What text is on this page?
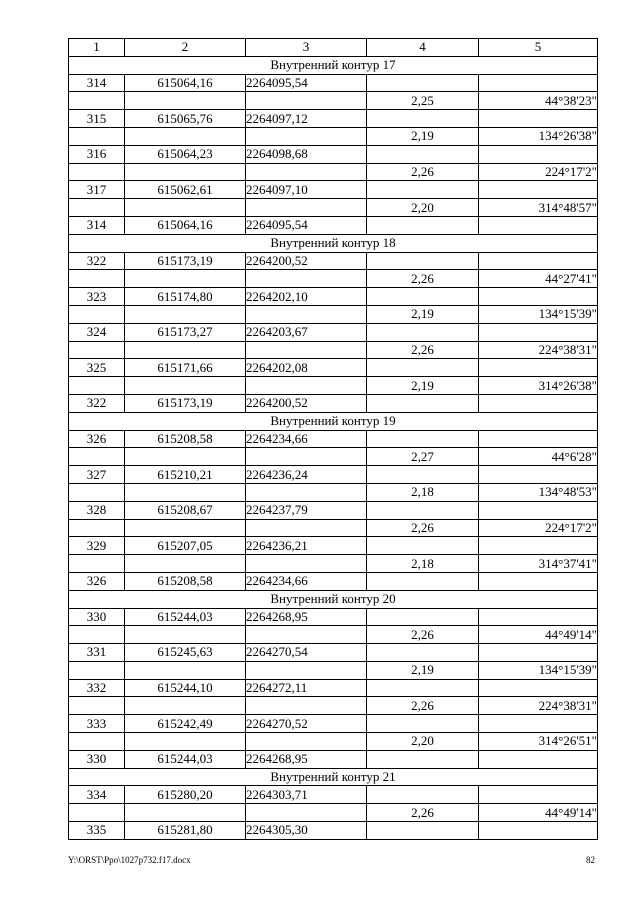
1	2	3	4	5
Внутренний контур 17				
314	615064,16	2264095,54		
			2,25	44°38'23"
315	615065,76	2264097,12		
			2,19	134°26'38"
316	615064,23	2264098,68		
			2,26	224°17'2"
317	615062,61	2264097,10		
			2,20	314°48'57"
314	615064,16	2264095,54		
Внутренний контур 18				
322	615173,19	2264200,52		
			2,26	44°27'41"
323	615174,80	2264202,10		
			2,19	134°15'39"
324	615173,27	2264203,67		
			2,26	224°38'31"
325	615171,66	2264202,08		
			2,19	314°26'38"
322	615173,19	2264200,52		
Внутренний контур 19				
326	615208,58	2264234,66		
			2,27	44°6'28"
327	615210,21	2264236,24		
			2,18	134°48'53"
328	615208,67	2264237,79		
			2,26	224°17'2"
329	615207,05	2264236,21		
			2,18	314°37'41"
326	615208,58	2264234,66		
Внутренний контур 20				
330	615244,03	2264268,95		
			2,26	44°49'14"
331	615245,63	2264270,54		
			2,19	134°15'39"
332	615244,10	2264272,11		
			2,26	224°38'31"
333	615242,49	2264270,52		
			2,20	314°26'51"
330	615244,03	2264268,95		
Внутренний контур 21				
334	615280,20	2264303,71		
			2,26	44°49'14"
335	615281,80	2264305,30		
Y:\ORST\Ppo\1027p732.f17.docx	82
